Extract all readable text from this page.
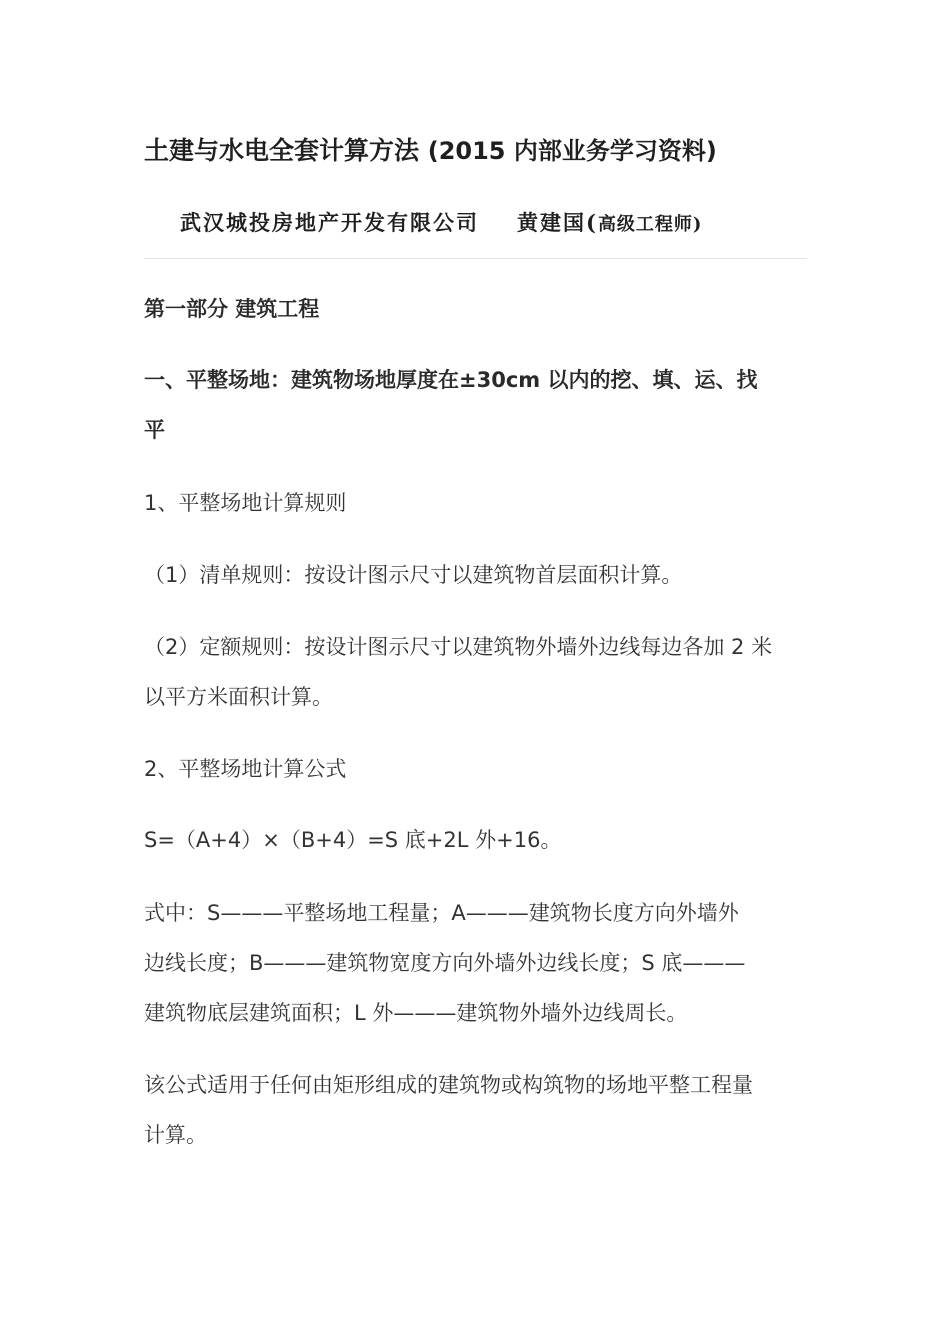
土建与水电全套计算方法 (2015 内部业务学习资料)
武汉城投房地产开发有限公司 黄建国(高级工程师)
第一部分 建筑工程
一、平整场地：建筑物场地厚度在±30cm 以内的挖、填、运、找
平
1、平整场地计算规则
（1）清单规则：按设计图示尺寸以建筑物首层面积计算。
（2）定额规则：按设计图示尺寸以建筑物外墙外边线每边各加 2 米
以平方米面积计算。
2、平整场地计算公式
S=（A+4）×（B+4）=S 底+2L 外+16。
式中：S———平整场地工程量；A———建筑物长度方向外墙外
边线长度；B———建筑物宽度方向外墙外边线长度；S 底———
建筑物底层建筑面积；L 外———建筑物外墙外边线周长。
该公式适用于任何由矩形组成的建筑物或构筑物的场地平整工程量
计算。
